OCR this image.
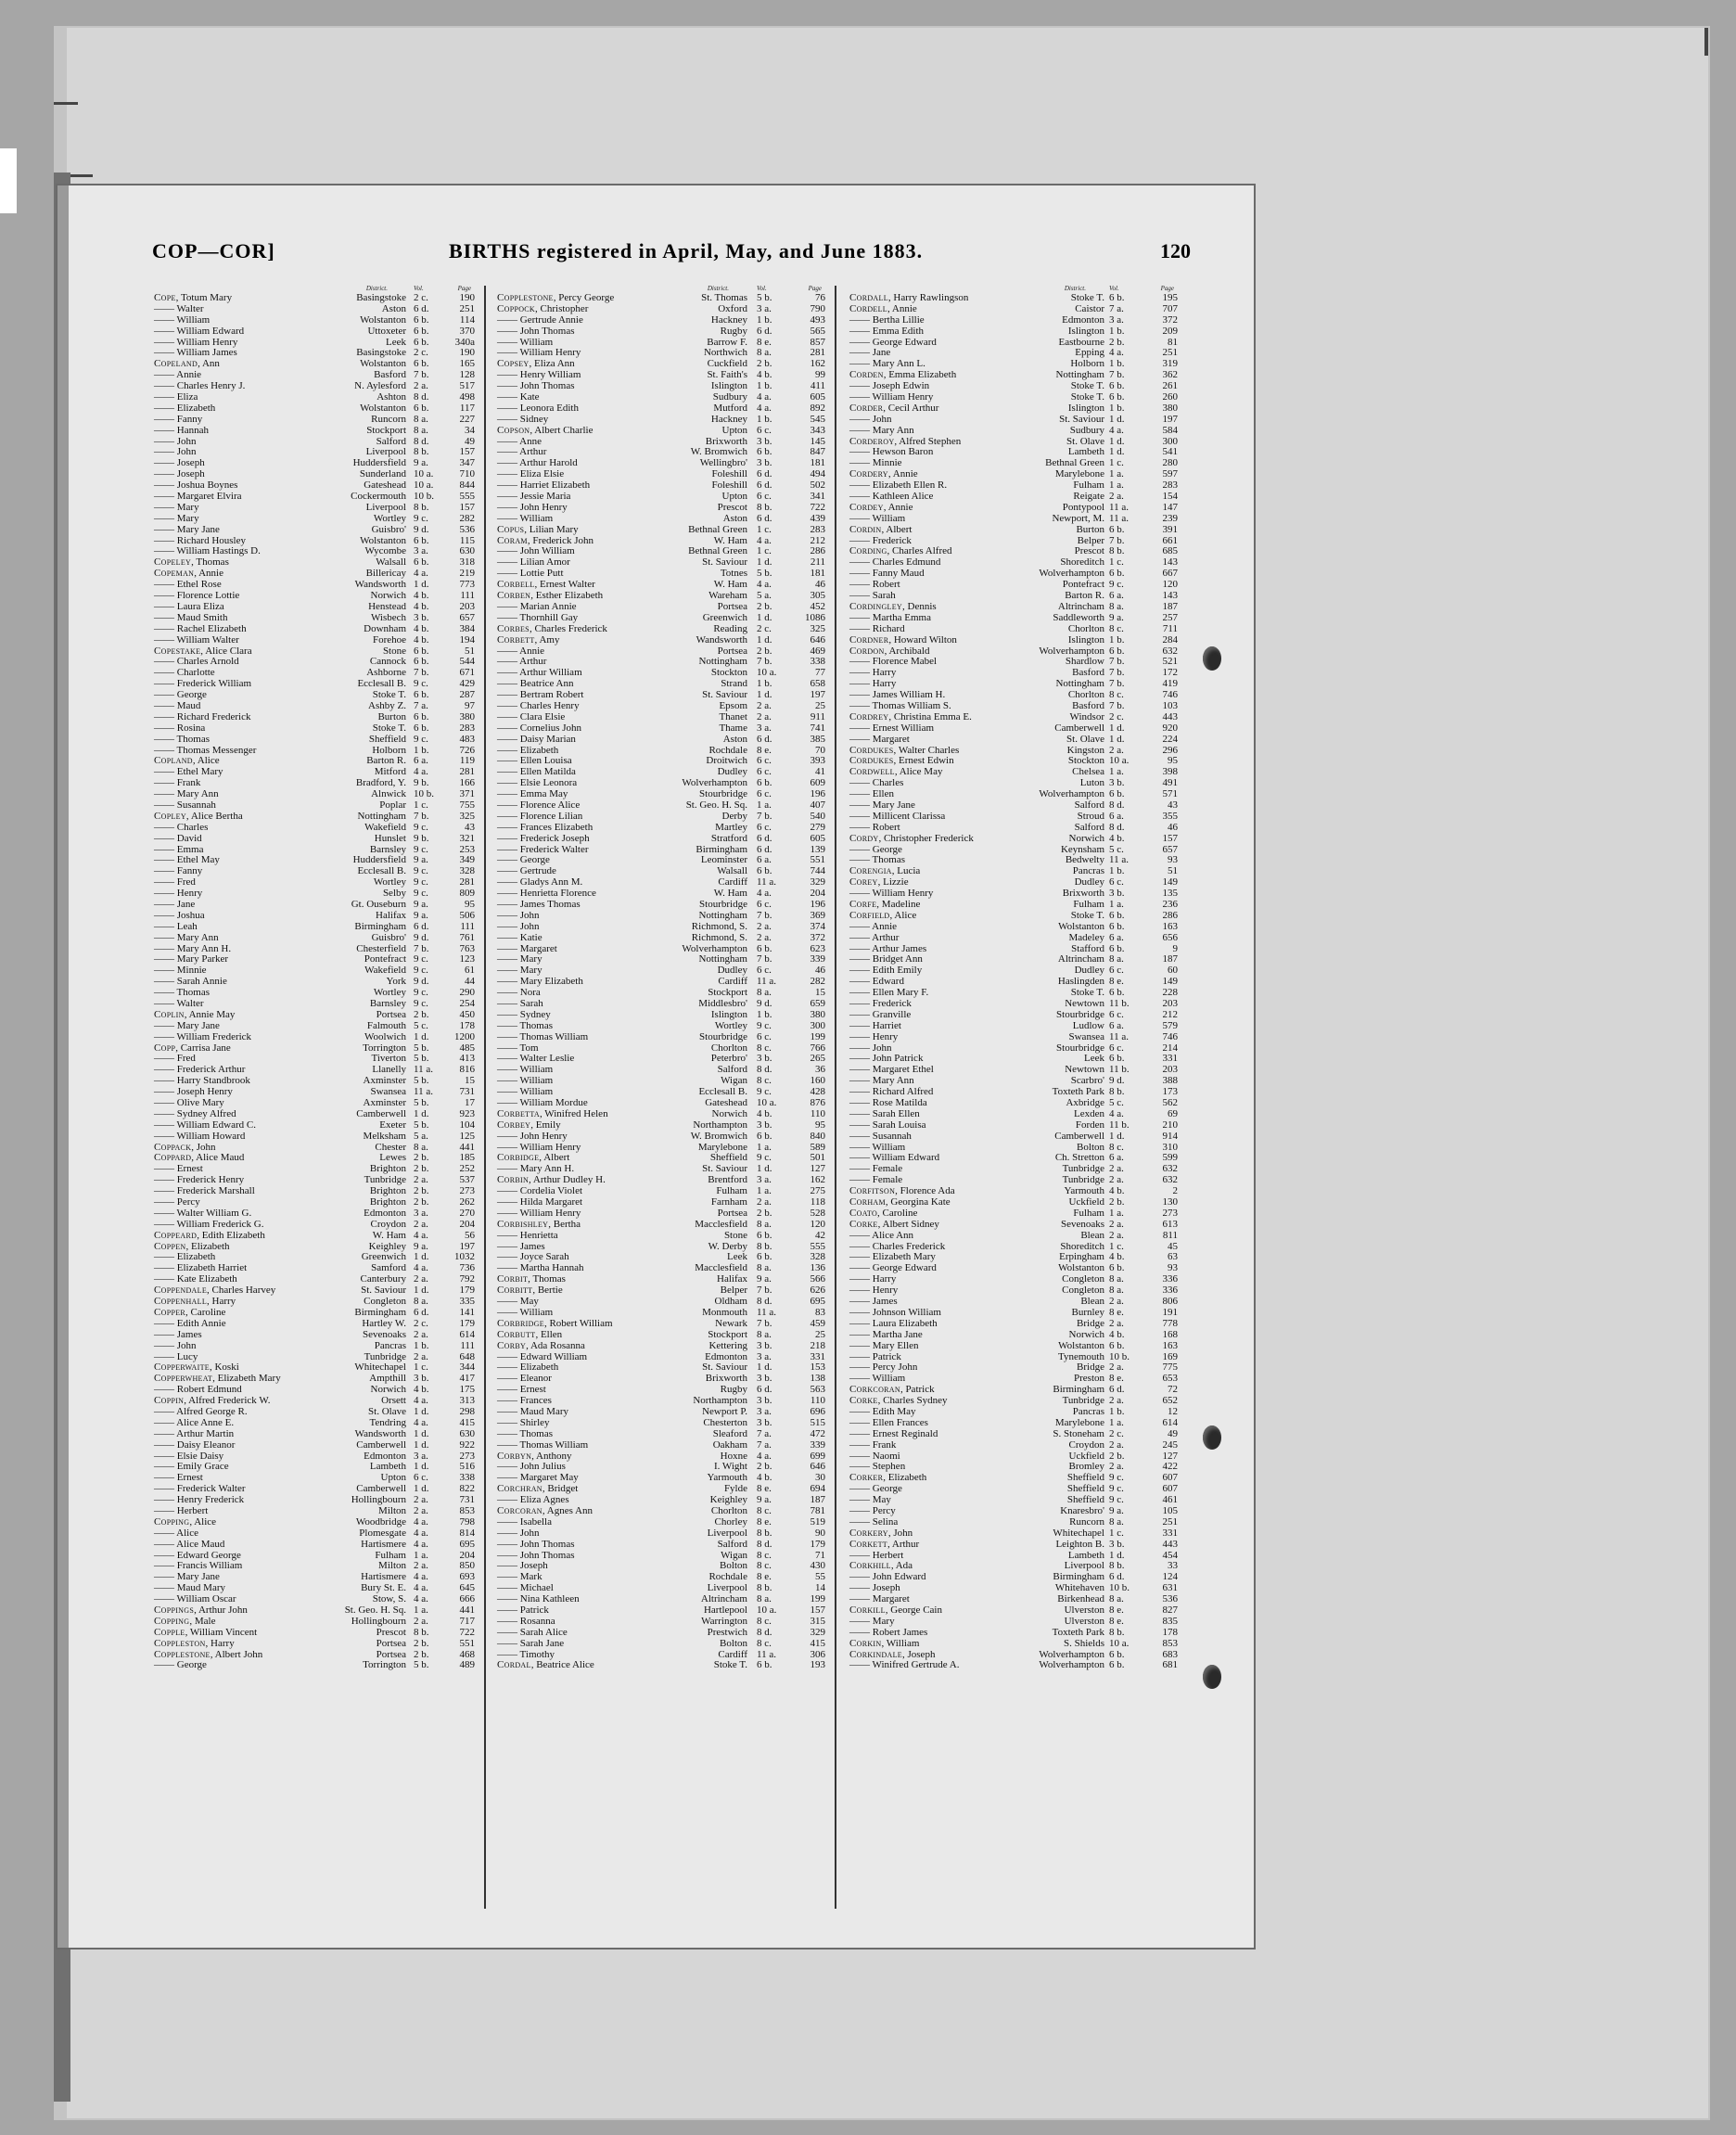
COP—COR]	BIRTHS registered in April, May, and June 1883.	120
District.	Vol.	Page
Cope, Totum Mary	Basingstoke 2 c.	190
—— Walter	Aston 6 d.	251
—— William	Wolstanton 6 b.	114
—— William Edward	Uttoxeter 6 b.	370
—— William Henry	Leek 6 b.	340a
—— William James	Basingstoke 2 c.	190
Copeland, Ann	Wolstanton 6 b.	165
—— Annie	Basford 7 b.	128
—— Charles Henry J.	N. Aylesford 2 a.	517
—— Eliza	Ashton 8 d.	498
—— Elizabeth	Wolstanton 6 b.	117
—— Fanny	Runcorn 8 a.	227
—— Hannah	Stockport 8 a.	34
—— John	Salford 8 d.	49
—— John	Liverpool 8 b.	157
—— Joseph	Huddersfield 9 a.	347
—— Joseph	Sunderland 10 a.	710
—— Joshua Boynes	Gateshead 10 a.	844
—— Margaret Elvira	Cockermouth 10 b.	555
—— Mary	Liverpool 8 b.	157
—— Mary	Wortley 9 c.	282
—— Mary Jane	Guisbro' 9 d.	536
—— Richard Housley	Wolstanton 6 b.	115
—— William Hastings D.	Wycombe 3 a.	630
Copeley, Thomas	Walsall 6 b.	318
Copeman, Annie	Billericay 4 a.	219
—— Ethel Rose	Wandsworth 1 d.	773
—— Florence Lottie	Norwich 4 b.	111
—— Laura Eliza	Henstead 4 b.	203
—— Maud Smith	Wisbech 3 b.	657
—— Rachel Elizabeth	Downham 4 b.	384
—— William Walter	Forehoe 4 b.	194
Copestake, Alice Clara	Stone 6 b.	51
—— Charles Arnold	Cannock 6 b.	544
—— Charlotte	Ashborne 7 b.	671
—— Frederick William	Ecclesall B. 9 c.	429
—— George	Stoke T. 6 b.	287
—— Maud	Ashby Z. 7 a.	97
—— Richard Frederick	Burton 6 b.	380
—— Rosina	Stoke T. 6 b.	283
—— Thomas	Sheffield 9 c.	483
—— Thomas Messenger	Holborn 1 b.	726
Copland, Alice	Barton R. 6 a.	119
—— Ethel Mary	Mitford 4 a.	281
—— Frank	Bradford, Y. 9 b.	166
—— Mary Ann	Alnwick 10 b.	371
—— Susannah	Poplar 1 c.	755
Copley, Alice Bertha	Nottingham 7 b.	325
—— Charles	Wakefield 9 c.	43
—— David	Hunslet 9 b.	321
—— Emma	Barnsley 9 c.	253
—— Ethel May	Huddersfield 9 a.	349
—— Fanny	Ecclesall B. 9 c.	328
—— Fred	Wortley 9 c.	281
—— Henry	Selby 9 c.	809
—— Jane	Gt. Ouseburn 9 a.	95
—— Joshua	Halifax 9 a.	506
—— Leah	Birmingham 6 d.	111
—— Mary Ann	Guisbro' 9 d.	761
—— Mary Ann H.	Chesterfield 7 b.	763
—— Mary Parker	Pontefract 9 c.	123
—— Minnie	Wakefield 9 c.	61
—— Sarah Annie	York 9 d.	44
—— Thomas	Wortley 9 c.	290
—— Walter	Barnsley 9 c.	254
Coplin, Annie May	Portsea 2 b.	450
—— Mary Jane	Falmouth 5 c.	178
—— William Frederick	Woolwich 1 d.	1200
Copp, Carrisa Jane	Torrington 5 b.	485
—— Fred	Tiverton 5 b.	413
—— Frederick Arthur	Llanelly 11 a.	816
—— Harry Standbrook	Axminster 5 b.	15
—— Joseph Henry	Swansea 11 a.	731
—— Olive Mary	Axminster 5 b.	17
—— Sydney Alfred	Camberwell 1 d.	923
—— William Edward C.	Exeter 5 b.	104
—— William Howard	Melksham 5 a.	125
Coppack, John	Chester 8 a.	441
Coppard, Alice Maud	Lewes 2 b.	185
—— Ernest	Brighton 2 b.	252
—— Frederick Henry	Tunbridge 2 a.	537
—— Frederick Marshall	Brighton 2 b.	273
—— Percy	Brighton 2 b.	262
—— Walter William G.	Edmonton 3 a.	270
—— William Frederick G.	Croydon 2 a.	204
Coppeard, Edith Elizabeth	W. Ham 4 a.	56
Coppen, Elizabeth	Keighley 9 a.	197
—— Elizabeth	Greenwich 1 d.	1032
—— Elizabeth Harriet	Samford 4 a.	736
—— Kate Elizabeth	Canterbury 2 a.	792
Coppendale, Charles Harvey	St. Saviour 1 d.	179
Coppenhall, Harry	Congleton 8 a.	335
Copper, Caroline	Birmingham 6 d.	141
—— Edith Annie	Hartley W. 2 c.	179
—— James	Sevenoaks 2 a.	614
—— John	Pancras 1 b.	111
—— Lucy	Tunbridge 2 a.	648
Copperwaite, Koski	Whitechapel 1 c.	344
Copperwheat, Elizabeth Mary	Ampthill 3 b.	417
—— Robert Edmund	Norwich 4 b.	175
Coppin, Alfred Frederick W.	Orsett 4 a.	313
—— Alfred George R.	St. Olave 1 d.	298
—— Alice Anne E.	Tendring 4 a.	415
—— Arthur Martin	Wandsworth 1 d.	630
—— Daisy Eleanor	Camberwell 1 d.	922
—— Elsie Daisy	Edmonton 3 a.	273
—— Emily Grace	Lambeth 1 d.	516
—— Ernest	Upton 6 c.	338
—— Frederick Walter	Camberwell 1 d.	822
—— Henry Frederick	Hollingbourn 2 a.	731
—— Herbert	Milton 2 a.	853
Copping, Alice	Woodbridge 4 a.	798
—— Alice	Plomesgate 4 a.	814
—— Alice Maud	Hartismere 4 a.	695
—— Edward George	Fulham 1 a.	204
—— Francis William	Milton 2 a.	850
—— Mary Jane	Hartismere 4 a.	693
—— Maud Mary	Bury St. E. 4 a.	645
—— William Oscar	Stow, S. 4 a.	666
Coppings, Arthur John	St. Geo. H. Sq. 1 a.	441
Copping, Male	Hollingbourn 2 a.	717
Copple, William Vincent	Prescot 8 b.	722
Coppleston, Harry	Portsea 2 b.	551
Copplestone, Albert John	Portsea 2 b.	468
—— George	Torrington 5 b.	489
District.	Vol.	Page
Copplestone, Percy George	St. Thomas 5 b.	76
Coppock, Christopher	Oxford 3 a.	790
—— Gertrude Annie	Hackney 1 b.	493
—— John Thomas	Rugby 6 d.	565
—— William	Barrow F. 8 e.	857
—— William Henry	Northwich 8 a.	281
Copsey, Eliza Ann	Cuckfield 2 b.	162
—— Henry William	St. Faith's 4 b.	99
—— John Thomas	Islington 1 b.	411
—— Kate	Sudbury 4 a.	605
—— Leonora Edith	Mutford 4 a.	892
—— Sidney	Hackney 1 b.	545
Copson, Albert Charlie	Upton 6 c.	343
—— Anne	Brixworth 3 b.	145
—— Arthur	W. Bromwich 6 b.	847
—— Arthur Harold	Wellingbro' 3 b.	181
—— Eliza Elsie	Foleshill 6 d.	494
—— Harriet Elizabeth	Foleshill 6 d.	502
—— Jessie Maria	Upton 6 c.	341
—— John Henry	Prescot 8 b.	722
—— William	Aston 6 d.	439
Copus, Lilian Mary	Bethnal Green 1 c.	283
Coram, Frederick John	W. Ham 4 a.	212
—— John William	Bethnal Green 1 c.	286
—— Lilian Amor	St. Saviour 1 d.	211
—— Lottie Putt	Totnes 5 b.	181
Corbell, Ernest Walter	W. Ham 4 a.	46
Corben, Esther Elizabeth	Wareham 5 a.	305
—— Marian Annie	Portsea 2 b.	452
—— Thornhill Gay	Greenwich 1 d.	1086
Corbes, Charles Frederick	Reading 2 c.	325
Corbett, Amy	Wandsworth 1 d.	646
—— Annie	Portsea 2 b.	469
—— Arthur	Nottingham 7 b.	338
—— Arthur William	Stockton 10 a.	77
—— Beatrice Ann	Strand 1 b.	658
—— Bertram Robert	St. Saviour 1 d.	197
—— Charles Henry	Epsom 2 a.	25
—— Clara Elsie	Thanet 2 a.	911
—— Cornelius John	Thame 3 a.	741
—— Daisy Marian	Aston 6 d.	385
—— Elizabeth	Rochdale 8 e.	70
—— Ellen Louisa	Droitwich 6 c.	393
—— Ellen Matilda	Dudley 6 c.	41
—— Elsie Leonora	Wolverhampton 6 b.	609
—— Emma May	Stourbridge 6 c.	196
—— Florence Alice	St. Geo. H. Sq. 1 a.	407
—— Florence Lilian	Derby 7 b.	540
—— Frances Elizabeth	Martley 6 c.	279
—— Frederick Joseph	Stratford 6 d.	605
—— Frederick Walter	Birmingham 6 d.	139
—— George	Leominster 6 a.	551
—— Gertrude	Walsall 6 b.	744
—— Gladys Ann M.	Cardiff 11 a.	329
—— Henrietta Florence	W. Ham 4 a.	204
—— James Thomas	Stourbridge 6 c.	196
—— John	Nottingham 7 b.	369
—— John	Richmond, S. 2 a.	374
—— Katie	Richmond, S. 2 a.	372
—— Margaret	Wolverhampton 6 b.	623
—— Mary	Nottingham 7 b.	339
—— Mary	Dudley 6 c.	46
—— Mary Elizabeth	Cardiff 11 a.	282
—— Nora	Stockport 8 a.	15
—— Sarah	Middlesbro' 9 d.	659
—— Sydney	Islington 1 b.	380
—— Thomas	Wortley 9 c.	300
—— Thomas William	Stourbridge 6 c.	199
—— Tom	Chorlton 8 c.	766
—— Walter Leslie	Peterbro' 3 b.	265
—— William	Salford 8 d.	36
—— William	Wigan 8 c.	160
—— William	Ecclesall B. 9 c.	428
—— William Mordue	Gateshead 10 a.	876
Corbetta, Winifred Helen	Norwich 4 b.	110
Corbey, Emily	Northampton 3 b.	95
—— John Henry	W. Bromwich 6 b.	840
—— William Henry	Marylebone 1 a.	589
Corbidge, Albert	Sheffield 9 c.	501
—— Mary Ann H.	St. Saviour 1 d.	127
Corbin, Arthur Dudley H.	Brentford 3 a.	162
—— Cordelia Violet	Fulham 1 a.	275
—— Hilda Margaret	Farnham 2 a.	118
—— William Henry	Portsea 2 b.	528
Corbishley, Bertha	Macclesfield 8 a.	120
—— Henrietta	Stone 6 b.	42
—— James	W. Derby 8 b.	555
—— Joyce Sarah	Leek 6 b.	328
—— Martha Hannah	Macclesfield 8 a.	136
Corbit, Thomas	Halifax 9 a.	566
Corbitt, Bertie	Belper 7 b.	626
—— May	Oldham 8 d.	695
—— William	Monmouth 11 a.	83
Corbridge, Robert William	Newark 7 b.	459
Corbutt, Ellen	Stockport 8 a.	25
Corby, Ada Rosanna	Kettering 3 b.	218
—— Edward William	Edmonton 3 a.	331
—— Elizabeth	St. Saviour 1 d.	153
—— Eleanor	Brixworth 3 b.	138
—— Ernest	Rugby 6 d.	563
—— Frances	Northampton 3 b.	110
—— Maud Mary	Newport P. 3 a.	696
—— Shirley	Chesterton 3 b.	515
—— Thomas	Sleaford 7 a.	472
—— Thomas William	Oakham 7 a.	339
Corbyn, Anthony	Hoxne 4 a.	699
—— John Julius	I. Wight 2 b.	646
—— Margaret May	Yarmouth 4 b.	30
Corchran, Bridget	Fylde 8 e.	694
—— Eliza Agnes	Keighley 9 a.	187
Corcoran, Agnes Ann	Chorlton 8 c.	781
—— Isabella	Chorley 8 e.	519
—— John	Liverpool 8 b.	90
—— John Thomas	Salford 8 d.	179
—— John Thomas	Wigan 8 c.	71
—— Joseph	Bolton 8 c.	430
—— Mark	Rochdale 8 e.	55
—— Michael	Liverpool 8 b.	14
—— Nina Kathleen	Altrincham 8 a.	199
—— Patrick	Hartlepool 10 a.	157
—— Rosanna	Warrington 8 c.	315
—— Sarah Alice	Prestwich 8 d.	329
—— Sarah Jane	Bolton 8 c.	415
—— Timothy	Cardiff 11 a.	306
Cordal, Beatrice Alice	Stoke T. 6 b.	193
District.	Vol.	Page
Cordall, Harry Rawlingson	Stoke T. 6 b.	195
Cordell, Annie	Caistor 7 a.	707
—— Bertha Lillie	Edmonton 3 a.	372
—— Emma Edith	Islington 1 b.	209
—— George Edward	Eastbourne 2 b.	81
—— Jane	Epping 4 a.	251
—— Mary Ann L.	Holborn 1 b.	319
Corden, Emma Elizabeth	Nottingham 7 b.	362
—— Joseph Edwin	Stoke T. 6 b.	261
—— William Henry	Stoke T. 6 b.	260
Corder, Cecil Arthur	Islington 1 b.	380
—— John	St. Saviour 1 d.	197
—— Mary Ann	Sudbury 4 a.	584
Corderoy, Alfred Stephen	St. Olave 1 d.	300
—— Hewson Baron	Lambeth 1 d.	541
—— Minnie	Bethnal Green 1 c.	280
Cordery, Annie	Marylebone 1 a.	597
—— Elizabeth Ellen R.	Fulham 1 a.	283
—— Kathleen Alice	Reigate 2 a.	154
Cordey, Annie	Pontypool 11 a.	147
—— William	Newport, M. 11 a.	239
Cordin, Albert	Burton 6 b.	391
—— Frederick	Belper 7 b.	661
Cording, Charles Alfred	Prescot 8 b.	685
—— Charles Edmund	Shoreditch 1 c.	143
—— Fanny Maud	Wolverhampton 6 b.	667
—— Robert	Pontefract 9 c.	120
—— Sarah	Barton R. 6 a.	143
Cordingley, Dennis	Altrincham 8 a.	187
—— Martha Emma	Saddleworth 9 a.	257
—— Richard	Chorlton 8 c.	711
Cordner, Howard Wilton	Islington 1 b.	284
Cordon, Archibald	Wolverhampton 6 b.	632
—— Florence Mabel	Shardlow 7 b.	521
—— Harry	Basford 7 b.	172
—— Harry	Nottingham 7 b.	419
—— James William H.	Chorlton 8 c.	746
—— Thomas William S.	Basford 7 b.	103
Cordrey, Christina Emma E.	Windsor 2 c.	443
—— Ernest William	Camberwell 1 d.	920
—— Margaret	St. Olave 1 d.	224
Cordukes, Walter Charles	Kingston 2 a.	296
Cordukes, Ernest Edwin	Stockton 10 a.	95
Cordwell, Alice May	Chelsea 1 a.	398
—— Charles	Luton 3 b.	491
—— Ellen	Wolverhampton 6 b.	571
—— Mary Jane	Salford 8 d.	43
—— Millicent Clarissa	Stroud 6 a.	355
—— Robert	Salford 8 d.	46
Cordy, Christopher Frederick	Norwich 4 b.	157
—— George	Keynsham 5 c.	657
—— Thomas	Bedwelty 11 a.	93
Corengia, Lucia	Pancras 1 b.	51
Corey, Lizzie	Dudley 6 c.	149
—— William Henry	Brixworth 3 b.	135
Corfe, Madeline	Fulham 1 a.	236
Corfield, Alice	Stoke T. 6 b.	286
—— Annie	Wolstanton 6 b.	163
—— Arthur	Madeley 6 a.	656
—— Arthur James	Stafford 6 b.	9
—— Bridget Ann	Altrincham 8 a.	187
—— Edith Emily	Dudley 6 c.	60
—— Edward	Haslingden 8 e.	149
—— Ellen Mary F.	Stoke T. 6 b.	228
—— Frederick	Newtown 11 b.	203
—— Granville	Stourbridge 6 c.	212
—— Harriet	Ludlow 6 a.	579
—— Henry	Swansea 11 a.	746
—— John	Stourbridge 6 c.	214
—— John Patrick	Leek 6 b.	331
—— Margaret Ethel	Newtown 11 b.	203
—— Mary Ann	Scarbro' 9 d.	388
—— Richard Alfred	Toxteth Park 8 b.	173
—— Rose Matilda	Axbridge 5 c.	562
—— Sarah Ellen	Lexden 4 a.	69
—— Sarah Louisa	Forden 11 b.	210
—— Susannah	Camberwell 1 d.	914
—— William	Bolton 8 c.	310
—— William Edward	Ch. Stretton 6 a.	599
—— Female	Tunbridge 2 a.	632
—— Female	Tunbridge 2 a.	632
Corfitson, Florence Ada	Yarmouth 4 b.	2
Corham, Georgina Kate	Uckfield 2 b.	130
Coato, Caroline	Fulham 1 a.	273
Corke, Albert Sidney	Sevenoaks 2 a.	613
—— Alice Ann	Blean 2 a.	811
—— Charles Frederick	Shoreditch 1 c.	45
—— Elizabeth Mary	Erpingham 4 b.	63
—— George Edward	Wolstanton 6 b.	93
—— Harry	Congleton 8 a.	336
—— Henry	Congleton 8 a.	336
—— James	Blean 2 a.	806
—— Johnson William	Burnley 8 e.	191
—— Laura Elizabeth	Bridge 2 a.	778
—— Martha Jane	Norwich 4 b.	168
—— Mary Ellen	Wolstanton 6 b.	163
—— Patrick	Tynemouth 10 b.	169
—— Percy John	Bridge 2 a.	775
—— William	Preston 8 e.	653
Corkcoran, Patrick	Birmingham 6 d.	72
Corke, Charles Sydney	Tunbridge 2 a.	652
—— Edith May	Pancras 1 b.	12
—— Ellen Frances	Marylebone 1 a.	614
—— Ernest Reginald	S. Stoneham 2 c.	49
—— Frank	Croydon 2 a.	245
—— Naomi	Uckfield 2 b.	127
—— Stephen	Bromley 2 a.	422
Corker, Elizabeth	Sheffield 9 c.	607
—— George	Sheffield 9 c.	607
—— May	Sheffield 9 c.	461
—— Percy	Knaresbro' 9 a.	105
—— Selina	Runcorn 8 a.	251
Corkery, John	Whitechapel 1 c.	331
Corkett, Arthur	Leighton B. 3 b.	443
—— Herbert	Lambeth 1 d.	454
Corkhill, Ada	Liverpool 8 b.	33
—— John Edward	Birmingham 6 d.	124
—— Joseph	Whitehaven 10 b.	631
—— Margaret	Birkenhead 8 a.	536
Corkill, George Cain	Ulverston 8 e.	827
—— Mary	Ulverston 8 e.	835
—— Robert James	Toxteth Park 8 b.	178
Corkin, William	S. Shields 10 a.	853
Corkindale, Joseph	Wolverhampton 6 b.	683
—— Winifred Gertrude A.	Wolverhampton 6 b.	681
